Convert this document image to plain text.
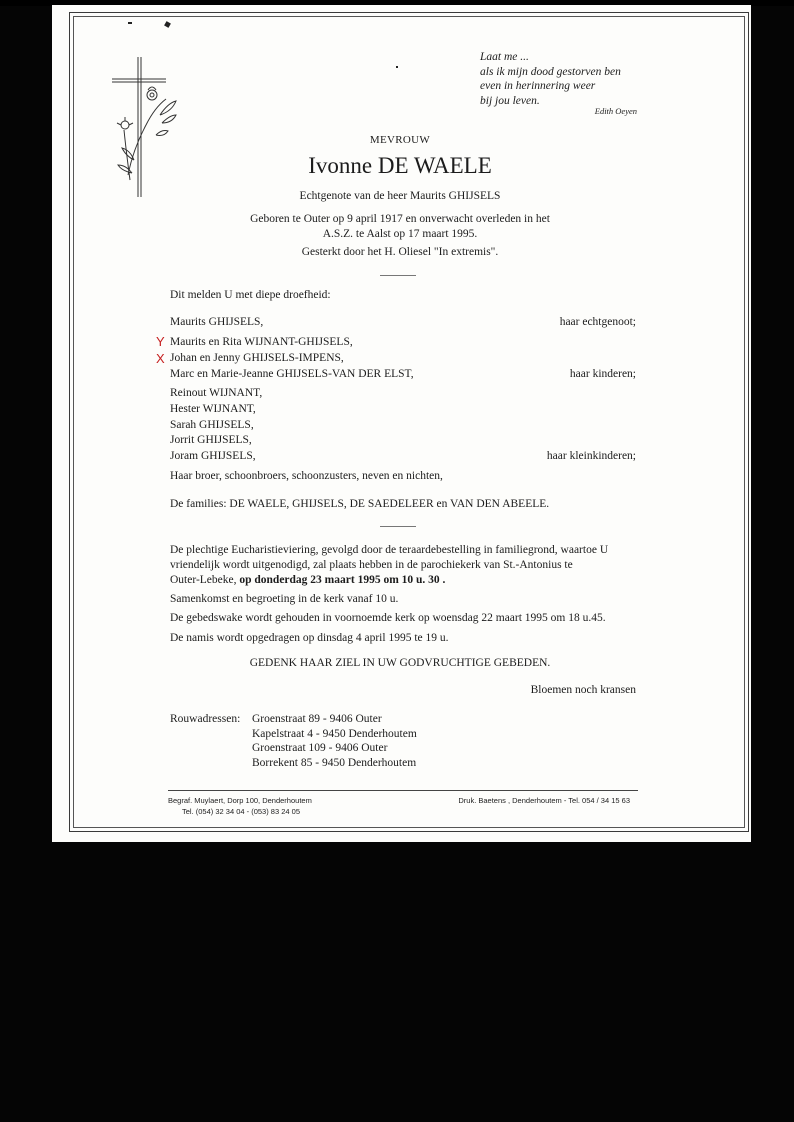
Laat me ...
als ik mijn dood gestorven ben
even in herinnering weer
bij jou leven.
Edith Oeyen
MEVROUW
Ivonne DE WAELE
Echtgenote van de heer Maurits GHIJSELS
Geboren te Outer op 9 april 1917 en onverwacht overleden in het
A.S.Z. te Aalst op 17 maart 1995.
Gesterkt door het H. Oliesel "In extremis".
Dit melden U met diepe droefheid:
Maurits GHIJSELS,	haar echtgenoot;
Y
X
Maurits en Rita WIJNANT-GHIJSELS,
Johan en Jenny GHIJSELS-IMPENS,
Marc en Marie-Jeanne GHIJSELS-VAN DER ELST,	haar kinderen;
Reinout WIJNANT,
Hester WIJNANT,
Sarah GHIJSELS,
Jorrit GHIJSELS,
Joram GHIJSELS,	haar kleinkinderen;
Haar broer, schoonbroers, schoonzusters, neven en nichten,
De families: DE WAELE, GHIJSELS, DE SAEDELEER en VAN DEN ABEELE.
De plechtige Eucharistieviering, gevolgd door de teraardebestelling in familiegrond, waartoe U
vriendelijk wordt uitgenodigd, zal plaats hebben in de parochiekerk van St.-Antonius te
Outer-Lebeke, op donderdag 23 maart 1995 om 10 u. 30 .
Samenkomst en begroeting in de kerk vanaf 10 u.
De gebedswake wordt gehouden in voornoemde kerk op woensdag 22 maart 1995 om 18 u.45.
De namis wordt opgedragen op dinsdag 4 april 1995 te 19 u.
GEDENK HAAR ZIEL IN UW GODVRUCHTIGE GEBEDEN.
Bloemen noch kransen
Rouwadressen: Groenstraat 89 - 9406 Outer
Kapelstraat 4 - 9450 Denderhoutem
Groenstraat 109 - 9406 Outer
Borrekent 85 - 9450 Denderhoutem
Begraf. Muylaert, Dorp 100, Denderhoutem
Tel. (054) 32 34 04 - (053) 83 24 05
Druk. Baetens , Denderhoutem - Tel. 054 / 34 15 63
